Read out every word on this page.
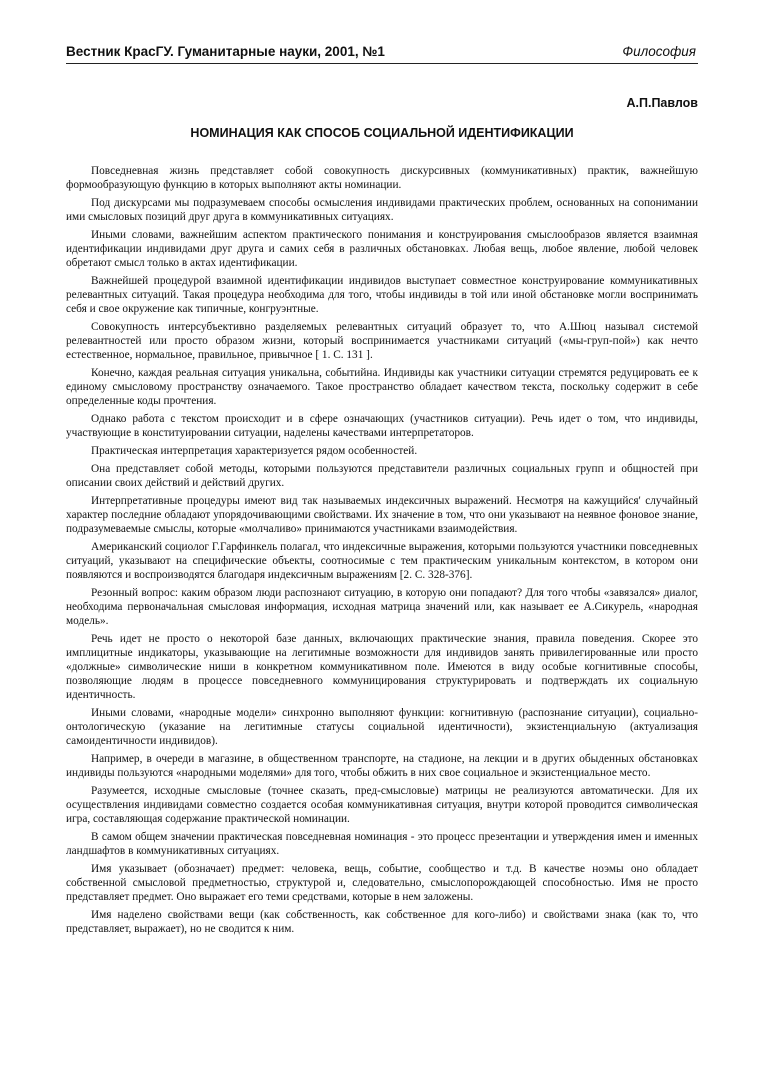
Вестник КрасГУ. Гуманитарные науки, 2001, №1	Философия
А.П.Павлов
НОМИНАЦИЯ КАК СПОСОБ СОЦИАЛЬНОЙ ИДЕНТИФИКАЦИИ

Повседневная жизнь представляет собой совокупность дискурсивных (коммуникативных) практик, важнейшую формообразующую функцию в которых выполняют акты номинации.

Под дискурсами мы подразумеваем способы осмысления индивидами практических проблем, основанных на сопонимании ими смысловых позиций друг друга в коммуникативных ситуациях.

Иными словами, важнейшим аспектом практического понимания и конструирования смыслообразов является взаимная идентификации индивидами друг друга и самих себя в различных обстановках. Любая вещь, любое явление, любой человек обретают смысл только в актах идентификации.

Важнейшей процедурой взаимной идентификации индивидов выступает совместное конструирование коммуникативных релевантных ситуаций. Такая процедура необходима для того, чтобы индивиды в той или иной обстановке могли воспринимать себя и свое окружение как типичные, конгруэнтные.

Совокупность интерсубъективно разделяемых релевантных ситуаций образует то, что А.Шюц называл системой релевантностей или просто образом жизни, который воспринимается участниками ситуаций («мы-груп-пой») как нечто естественное, нормальное, правильное, привычное [ 1. С. 131 ].

Конечно, каждая реальная ситуация уникальна, событийна. Индивиды как участники ситуации стремятся редуцировать ее к единому смысловому пространству означаемого. Такое пространство обладает качеством текста, поскольку содержит в себе определенные коды прочтения.

Однако работа с текстом происходит и в сфере означающих (участников ситуации). Речь идет о том, что индивиды, участвующие в конституировании ситуации, наделены качествами интерпретаторов.

Практическая интерпретация характеризуется рядом особенностей.

Она представляет собой методы, которыми пользуются представители различных социальных групп и общностей при описании своих действий и действий других.

Интерпретативные процедуры имеют вид так называемых индексичных выражений. Несмотря на кажущийся' случайный характер последние обладают упорядочивающими свойствами. Их значение в том, что они указывают на неявное фоновое знание, подразумеваемые смыслы, которые «молчаливо» принимаются участниками взаимодействия.

Американский социолог Г.Гарфинкель полагал, что индексичные выражения, которыми пользуются участники повседневных ситуаций, указывают на специфические объекты, соотносимые с тем практическим уникальным контекстом, в котором они появляются и воспроизводятся благодаря индексичным выражениям [2. С. 328-376].

Резонный вопрос: каким образом люди распознают ситуацию, в которую они попадают? Для того чтобы «завязался» диалог, необходима первоначальная смысловая информация, исходная матрица значений или, как называет ее А.Сикурель, «народная модель».

Речь идет не просто о некоторой базе данных, включающих практические знания, правила поведения. Скорее это имплицитные индикаторы, указывающие на легитимные возможности для индивидов занять привилегированные или просто «должные» символические ниши в конкретном коммуникативном поле. Имеются в виду особые когнитивные способы, позволяющие людям в процессе повседневного коммуницирования структурировать и подтверждать их социальную идентичность.

Иными словами, «народные модели» синхронно выполняют функции: когнитивную (распознание ситуации), социально-онтологическую (указание на легитимные статусы социальной идентичности), экзистенциальную (актуализация самоидентичности индивидов).

Например, в очереди в магазине, в общественном транспорте, на стадионе, на лекции и в других обыденных обстановках индивиды пользуются «народными моделями» для того, чтобы обжить в них свое социальное и экзистенциальное место.

Разумеется, исходные смысловые (точнее сказать, пред-смысловые) матрицы не реализуются автоматически. Для их осуществления индивидами совместно создается особая коммуникативная ситуация, внутри которой проводится символическая игра, составляющая содержание практической номинации.

В самом общем значении практическая повседневная номинация - это процесс презентации и утверждения имен и именных ландшафтов в коммуникативных ситуациях.

Имя указывает (обозначает) предмет: человека, вещь, событие, сообщество и т.д. В качестве ноэмы оно обладает собственной смысловой предметностью, структурой и, следовательно, смыслопорождающей способностью. Имя не просто представляет предмет. Оно выражает его теми средствами, которые в нем заложены.

Имя наделено свойствами вещи (как собственность, как собственное для кого-либо) и свойствами знака (как то, что представляет, выражает), но не сводится к ним.
